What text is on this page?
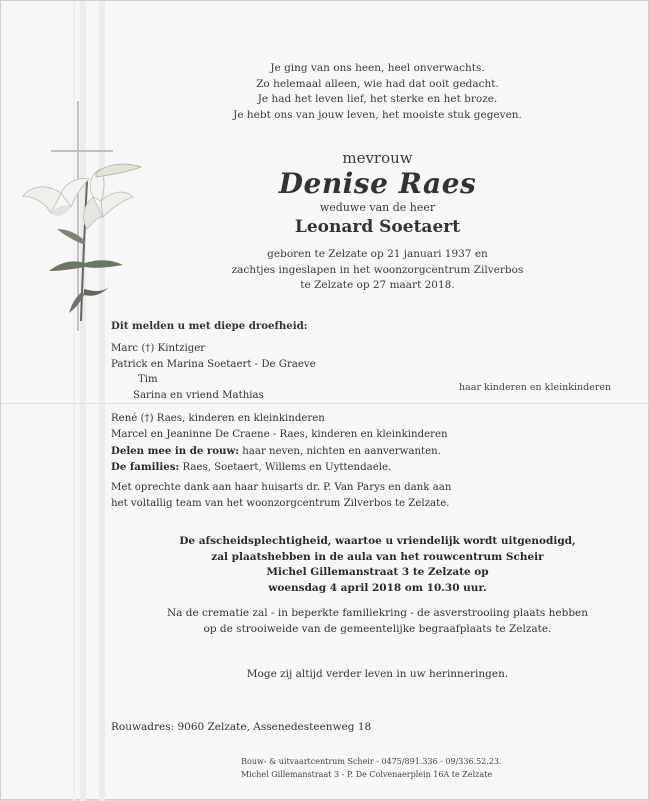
Je ging van ons heen, heel onverwachts.
Zo helemaal alleen, wie had dat ooit gedacht.
Je had het leven lief, het sterke en het broze.
Je hebt ons van jouw leven, het mooiste stuk gegeven.
mevrouw
Denise Raes
weduwe van de heer
Leonard Soetaert
geboren te Zelzate op 21 januari 1937 en
zachtjes ingeslapen in het woonzorgcentrum Zilverbos
te Zelzate op 27 maart 2018.
Dit melden u met diepe droefheid:
Marc (†) Kintziger
Patrick en Marina Soetaert - De Graeve
Tim
Sarina en vriend Mathias
haar kinderen en kleinkinderen
René (†) Raes, kinderen en kleinkinderen
Marcel en Jeaninne De Craene - Raes, kinderen en kleinkinderen
Delen mee in de rouw: haar neven, nichten en aanverwanten.
De families: Raes, Soetaert, Willems en Uyttendaele.
Met oprechte dank aan haar huisarts dr. P. Van Parys en dank aan
het voltallig team van het woonzorgcentrum Zilverbos te Zelzate.
De afscheidsplechtigheid, waartoe u vriendelijk wordt uitgenodigd,
zal plaatshebben in de aula van het rouwcentrum Scheir
Michel Gillemanstraat 3 te Zelzate op
woensdag 4 april 2018 om 10.30 uur.
Na de crematie zal - in beperkte familiekring - de asverstrooiing plaats hebben
op de strooiweide van de gemeentelijke begraafplaats te Zelzate.
Moge zij altijd verder leven in uw herinneringen.
Rouwadres: 9060 Zelzate, Assenedesteenweg 18
Rouw- & uitvaartcentrum Scheir - 0475/891.336 - 09/336.52.23.
Michel Gillemanstraat 3 - P. De Colvenaerplein 16A te Zelzate
